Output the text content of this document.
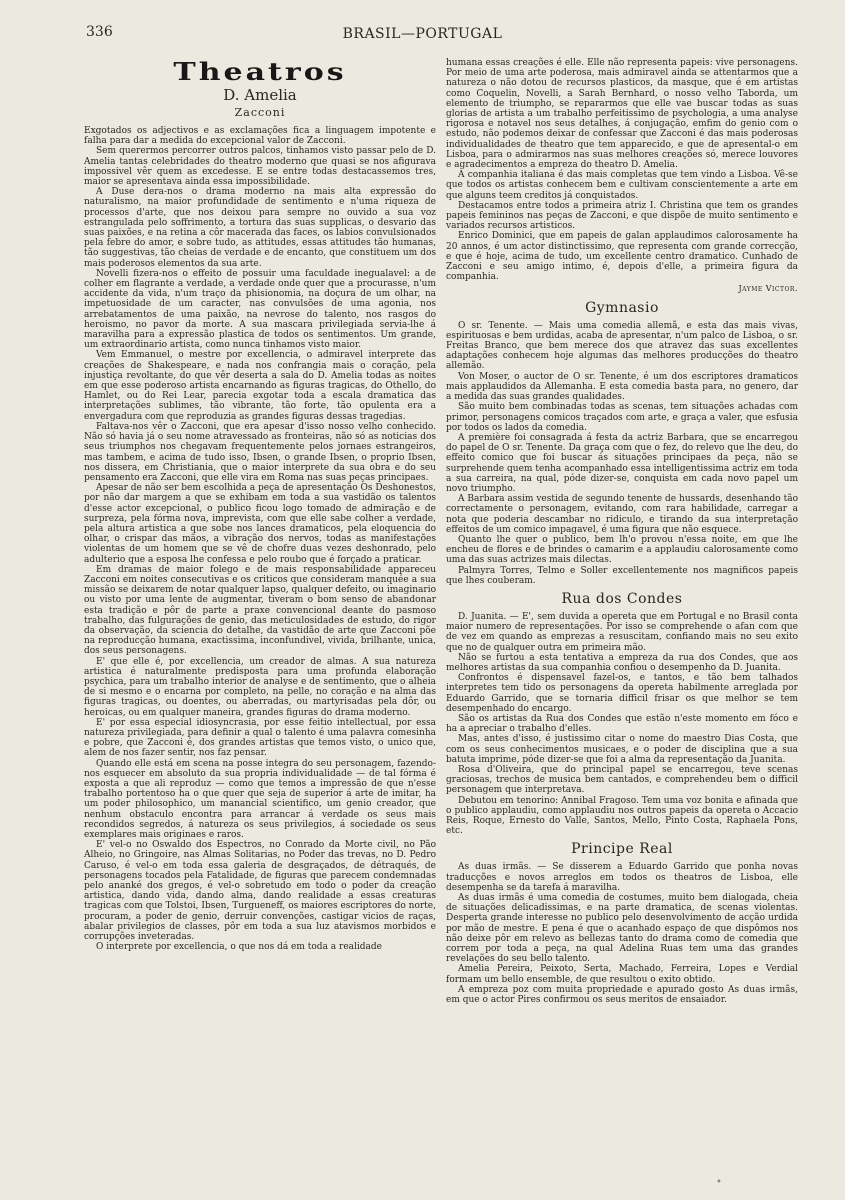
336	BRASIL—PORTUGAL
Theatros
D. Amelia
Zacconi

Exgotados os adjectivos e as exclamações fica a linguagem impotente e falha para dar a medida do excepcional valor de Zacconi.

Sem querermos percorrer outros palcos, tinhamos visto passar pelo de D. Amelia tantas celebridades do theatro moderno que quasi se nos afigurava impossivel vêr quem as excedesse. E se entre todas destacassemos tres, maior se apresentava ainda essa impossibilidade.

A Duse dera-nos o drama moderno na mais alta expressão do naturalismo, na maior profundidade de sentimento e n'uma riqueza de processos d'arte, que nos deixou para sempre no ouvido a sua voz estrangulada pelo soffrimento, a tortura das suas supplicas, o desvario das suas paixões, e na retina a côr macerada das faces, os labios convulsionados pela febre do amor, e sobre tudo, as attitudes, essas attitudes tão humanas, tão suggestivas, tão cheias de verdade e de encanto, que constituem um dos mais poderosos elementos da sua arte.

Novelli fizera-nos o effeito de possuir uma faculdade inegualavel: a de colher em flagrante a verdade, a verdade onde quer que a procurasse, n'um accidente da vida, n'um traço da phisionomia, na doçura de um olhar, na impetuosidade de um caracter, nas convulsões de uma agonia, nos arrebatamentos de uma paixão, na nevrose do talento, nos rasgos do heroismo, no pavor da morte. A sua mascara privilegiada servia-lhe á maravilha para a expressão plastica de todos os sentimentos. Um grande, um extraordinario artista, como nunca tinhamos visto maior.

Vem Emmanuel, o mestre por excellencia, o admiravel interprete das creações de Shakespeare, e nada nos confrangia mais o coração, pela injustiça revoltante, do que vêr deserta a sala do D. Amelia todas as noites em que esse poderoso artista encarnando as figuras tragicas, do Othello, do Hamlet, ou do Rei Lear, parecia exgotar toda a escala dramatica das interpretações sublimes, tão vibrante, tão forte, tão opulenta era a envergadura com que reproduzia as grandes figuras dessas tragedias.

Faltava-nos vêr o Zacconi, que era apesar d'isso nosso velho conhecido. Não só havia já o seu nome atravessado as fronteiras, não só as noticias dos seus triumphos nos chegavam frequentemente pelos jornaes estrangeiros, mas tambem, e acima de tudo isso, Ibsen, o grande Ibsen, o proprio Ibsen, nos dissera, em Christiania, que o maior interprete da sua obra e do seu pensamento era Zacconi, que elle vira em Roma nas suas peças principaes.

Apesar de não ser bem escolhida a peça de apresentação Os Deshonestos, por não dar margem a que se exhibam em toda a sua vastidão os talentos d'esse actor excepcional, o publico ficou logo tomado de admiração e de surpreza, pela fórma nova, imprevista, com que elle sabe colher a verdade, pela altura artistica a que sobe nos lances dramaticos, pela eloquencia do olhar, o crispar das mãos, a vibração dos nervos, todas as manifestações violentas de um homem que se vê de chofre duas vezes deshonrado, pelo adulterio que a esposa lhe confessa e pelo roubo que é forçado a praticar.

Em dramas de maior folego e de mais responsabilidade appareceu Zacconi em noites consecutivas e os criticos que consideram manquée a sua missão se deixarem de notar qualquer lapso, qualquer defeito, ou imaginario ou visto por uma lente de augmentar, tiveram o bom senso de abandonar esta tradição e pôr de parte a praxe convencional deante do pasmoso trabalho, das fulgurações de genio, das meticulosidades de estudo, do rigor da observação, da sciencia do detalhe, da vastidão de arte que Zacconi põe na reproducção humana, exactissima, inconfundivel, vivida, brilhante, unica, dos seus personagens.

E' que elle é, por excellencia, um creador de almas. A sua natureza artistica é naturalmente predisposta para uma profunda elaboração psychica, para um trabalho interior de analyse e de sentimento, que o alheia de si mesmo e o encarna por completo, na pelle, no coração e na alma das figuras tragicas, ou doentes, ou aberradas, ou martyrisadas pela dôr, ou heroicas, ou em qualquer maneira, grandes figuras do drama moderno.

E' por essa especial idiosyncrasia, por esse feitio intellectual, por essa natureza privilegiada, para definir a qual o talento é uma palavra comesinha e pobre, que Zacconi é, dos grandes artistas que temos visto, o unico que, alem de nos fazer sentir, nos faz pensar.

Quando elle está em scena na posse integra do seu personagem, fazendo-nos esquecer em absoluto da sua propria individualidade — de tal fórma é exposta a que ali reproduz — como que temos a impressão de que n'esse trabalho portentoso ha o que quer que seja de superior á arte de imitar, ha um poder philosophico, um manancial scientifico, um genio creador, que nenhum obstaculo encontra para arrancar á verdade os seus mais recondidos segredos, á natureza os seus privilegios, á sociedade os seus exemplares mais originaes e raros.

E' vel-o no Oswaldo dos Espectros, no Conrado da Morte civil, no Pão Alheio, no Gringoire, nas Almas Solitarias, no Poder das trevas, no D. Pedro Caruso, é vel-o em toda essa galeria de desgraçados, de détraqués, de personagens tocados pela Fatalidade, de figuras que parecem condemnadas pelo ananké dos gregos, é vel-o sobretudo em todo o poder da creação artistica, dando vida, dando alma, dando realidade a essas creaturas tragicas com que Tolstoi, Ibsen, Turgueneff, os maiores escriptores do norte, procuram, a poder de genio, derruir convenções, castigar vicios de raças, abalar privilegios de classes, pôr em toda a sua luz atavismos morbidos e corrupções inveteradas.

O interprete por excellencia, o que nos dá em toda a realidade

humana essas creações é elle. Elle não representa papeis: vive personagens. Por meio de uma arte poderosa, mais admiravel ainda se attentarmos que a natureza o não dotou de recursos plasticos, da masque, que é em artistas como Coquelin, Novelli, a Sarah Bernhard, o nosso velho Taborda, um elemento de triumpho, se repararmos que elle vae buscar todas as suas glorias de artista a um trabalho perfeitissimo de psychologia, a uma analyse rigorosa e notavel nos seus detalhes, á conjugação, emfim do genio com o estudo, não podemos deixar de confessar que Zacconi é das mais poderosas individualidades de theatro que tem apparecido, e que de apresental-o em Lisboa, para o admirarmos nas suas melhores creações só, merece louvores e agradecimentos a empreza do theatro D. Amelia.

A companhia italiana é das mais completas que tem vindo a Lisboa. Vê-se que todos os artistas conhecem bem e cultivam conscientemente a arte em que alguns teem creditos já conquistados.

Destacamos entre todos a primeira atriz I. Christina que tem os grandes papeis femininos nas peças de Zacconi, e que dispõe de muito sentimento e variados recursos artisticos.

Enrico Dominici, que em papeis de galan applaudimos calorosamente ha 20 annos, é um actor distinctissimo, que representa com grande correcção, e que é hoje, acima de tudo, um excellente centro dramatico. Cunhado de Zacconi e seu amigo intimo, é, depois d'elle, a primeira figura da companhia.

Jayme Victor.
Gymnasio

O sr. Tenente. — Mais uma comedia allemã, e esta das mais vivas, espirituosas e bem urdidas, acaba de apresentar, n'um palco de Lisboa, o sr. Freitas Branco, que bem merece dos que atravez das suas excellentes adaptações conhecem hoje algumas das melhores producções do theatro allemão.

Von Moser, o auctor de O sr. Tenente, é um dos escriptores dramaticos mais applaudidos da Allemanha. E esta comedia basta para, no genero, dar a medida das suas grandes qualidades.

São muito bem combinadas todas as scenas, tem situações achadas com primor, personagens comicos traçados com arte, e graça a valer, que esfusia por todos os lados da comedia.

A première foi consagrada á festa da actriz Barbara, que se encarregou do papel de O sr. Tenente. Da graça com que o fez, do relevo que lhe deu, do effeito comico que foi buscar ás situações principaes da peça, não se surprehende quem tenha acompanhado essa intelligentissima actriz em toda a sua carreira, na qual, póde dizer-se, conquista em cada novo papel um novo triumpho.

A Barbara assim vestida de segundo tenente de hussards, desenhando tão correctamente o personagem, evitando, com rara habilidade, carregar a nota que poderia descambar no ridiculo, e tirando da sua interpretação effeitos de um comico impagavel, é uma figura que não esquece.

Quanto lhe quer o publico, bem lh'o provou n'essa noite, em que lhe encheu de flores e de brindes o camarim e a applaudiu calorosamente como uma das suas actrizes mais dilectas.

Palmyra Torres, Telmo e Soller excellentemente nos magnificos papeis que lhes couberam.

Rua dos Condes

D. Juanita. — E', sem duvida a opereta que em Portugal e no Brasil conta maior numero de representações. Por isso se comprehende o afan com que de vez em quando as emprezas a resuscitam, confiando mais no seu exito que no de qualquer outra em primeira mão.

Não se furtou a esta tentativa a empreza da rua dos Condes, que aos melhores artistas da sua companhia confiou o desempenho da D. Juanita.

Confrontos é dispensavel fazel-os, e tantos, e tão bem talhados interpretes tem tido os personagens da opereta habilmente arreglada por Eduardo Garrido, que se tornaria difficil frisar os que melhor se tem desempenhado do encargo.

São os artistas da Rua dos Condes que estão n'este momento em fóco e ha a apreciar o trabalho d'elles.

Mas, antes d'isso, é justissimo citar o nome do maestro Dias Costa, que com os seus conhecimentos musicaes, e o poder de disciplina que a sua batuta imprime, póde dizer-se que foi a alma da representação da Juanita.

Rosa d'Oliveira, que do principal papel se encarregou, teve scenas graciosas, trechos de musica bem cantados, e comprehendeu bem o difficil personagem que interpretava.

Debutou em tenorino: Annibal Fragoso. Tem uma voz bonita e afinada que o publico applaudiu, como applaudiu nos outros papeis da opereta o Accacio Reis, Roque, Ernesto do Valle, Santos, Mello, Pinto Costa, Raphaela Pons, etc.

Principe Real

As duas irmãs. — Se disserem a Eduardo Garrido que ponha novas traducções e novos arreglos em todos os theatros de Lisboa, elle desempenha se da tarefa á maravilha.

As duas irmãs é uma comedia de costumes, muito bem dialogada, cheia de situações delicadissimas, e na parte dramatica, de scenas violentas. Desperta grande interesse no publico pelo desenvolvimento de acção urdida por mão de mestre. E pena é que o acanhado espaço de que dispômos nos não deixe pôr em relevo as bellezas tanto do drama como de comedia que correm por toda a peça, na qual Adelina Ruas tem uma das grandes revelações do seu bello talento.

Amelia Pereira, Peixoto, Serta, Machado, Ferreira, Lopes e Verdial formam um bello ensemble, de que resultou o exito obtido.

A empreza poz com muita propriedade e apurado gosto As duas irmãs, em que o actor Pires confirmou os seus meritos de ensaiador.

•
